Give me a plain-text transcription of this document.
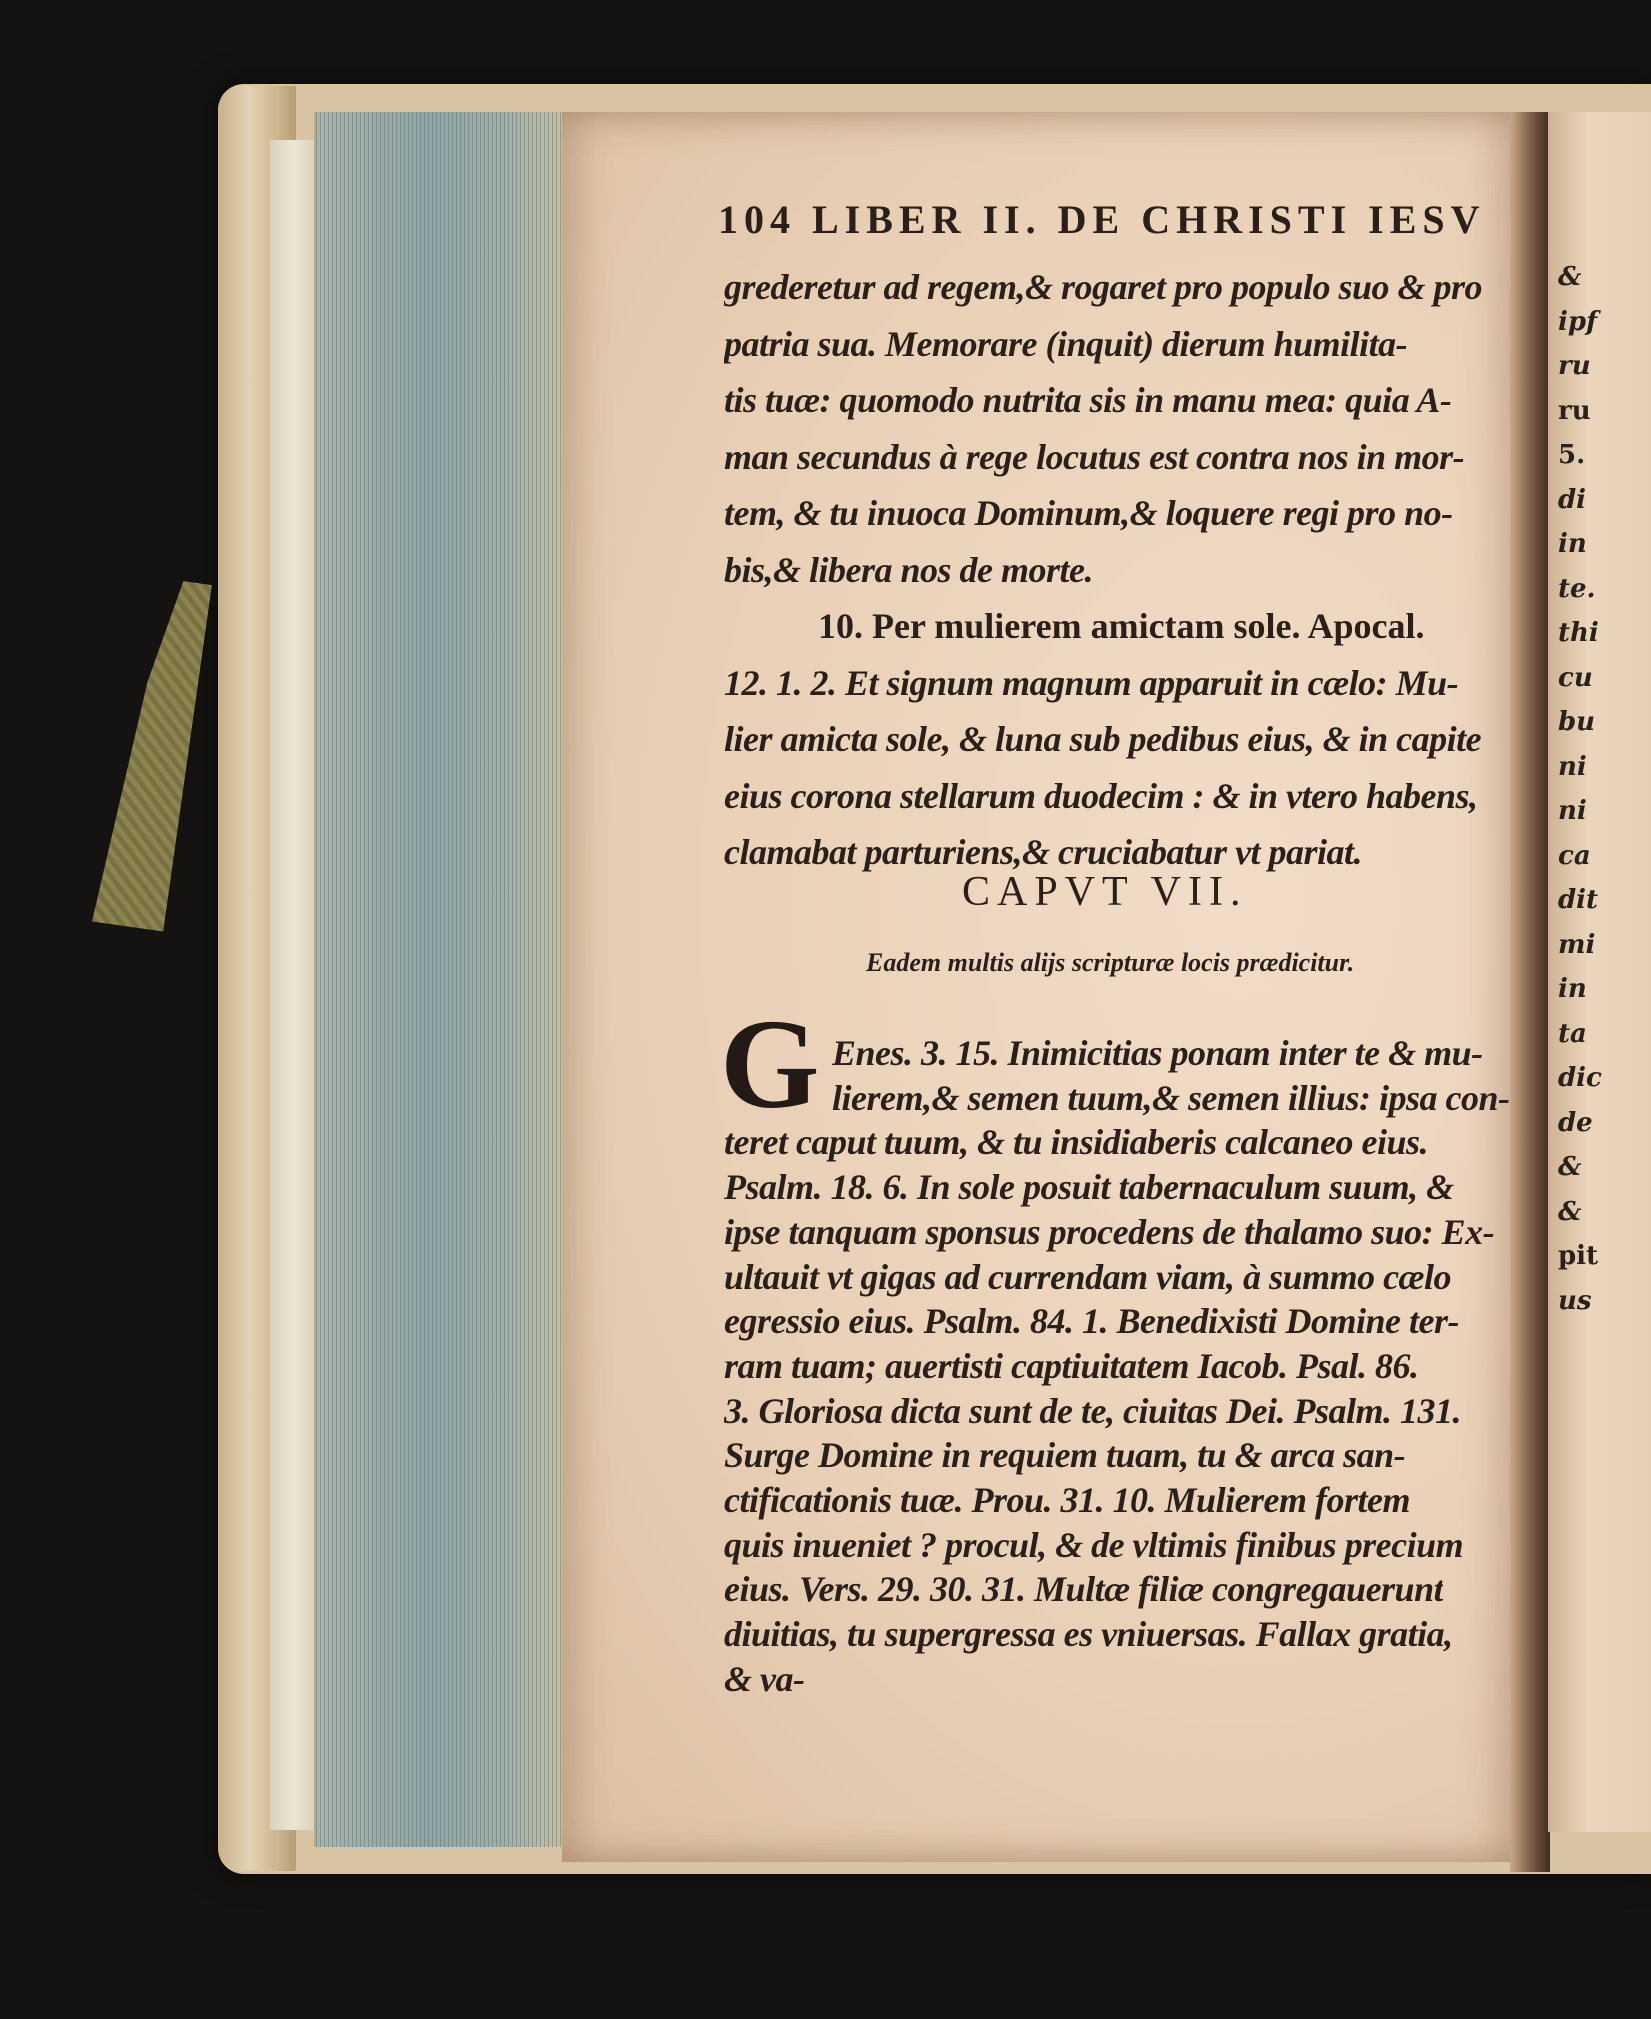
&
ipf
ru
ru
5.
di
in
te.
thi
cu
bu
ni
ni
ca
dit
mi
in
ta
dic
de
&
&
pit
us
104 LIBER II. DE CHRISTI IESV
grederetur ad regem,& rogaret pro populo suo & pro
patria sua. Memorare (inquit) dierum humilita-
tis tuæ: quomodo nutrita sis in manu mea: quia A-
man secundus à rege locutus est contra nos in mor-
tem, & tu inuoca Dominum,& loquere regi pro no-
bis,& libera nos de morte.
10. Per mulierem amictam sole. Apocal.
12. 1. 2. Et signum magnum apparuit in cælo: Mu-
lier amicta sole, & luna sub pedibus eius, & in capite
eius corona stellarum duodecim : & in vtero habens,
clamabat parturiens,& cruciabatur vt pariat.
CAPVT VII.
Eadem multis alijs scripturæ locis prædicitur.
G Enes. 3. 15. Inimicitias ponam inter te & mu-
lierem,& semen tuum,& semen illius: ipsa con-
teret caput tuum, & tu insidiaberis calcaneo eius.
Psalm. 18. 6. In sole posuit tabernaculum suum, &
ipse tanquam sponsus procedens de thalamo suo: Ex-
ultauit vt gigas ad currendam viam, à summo cælo
egressio eius. Psalm. 84. 1. Benedixisti Domine ter-
ram tuam; auertisti captiuitatem Iacob. Psal. 86.
3. Gloriosa dicta sunt de te, ciuitas Dei. Psalm. 131.
Surge Domine in requiem tuam, tu & arca san-
ctificationis tuæ. Prou. 31. 10. Mulierem fortem
quis inueniet ? procul, & de vltimis finibus precium
eius. Vers. 29. 30. 31. Multæ filiæ congregauerunt
diuitias, tu supergressa es vniuersas. Fallax gratia,
& va-
